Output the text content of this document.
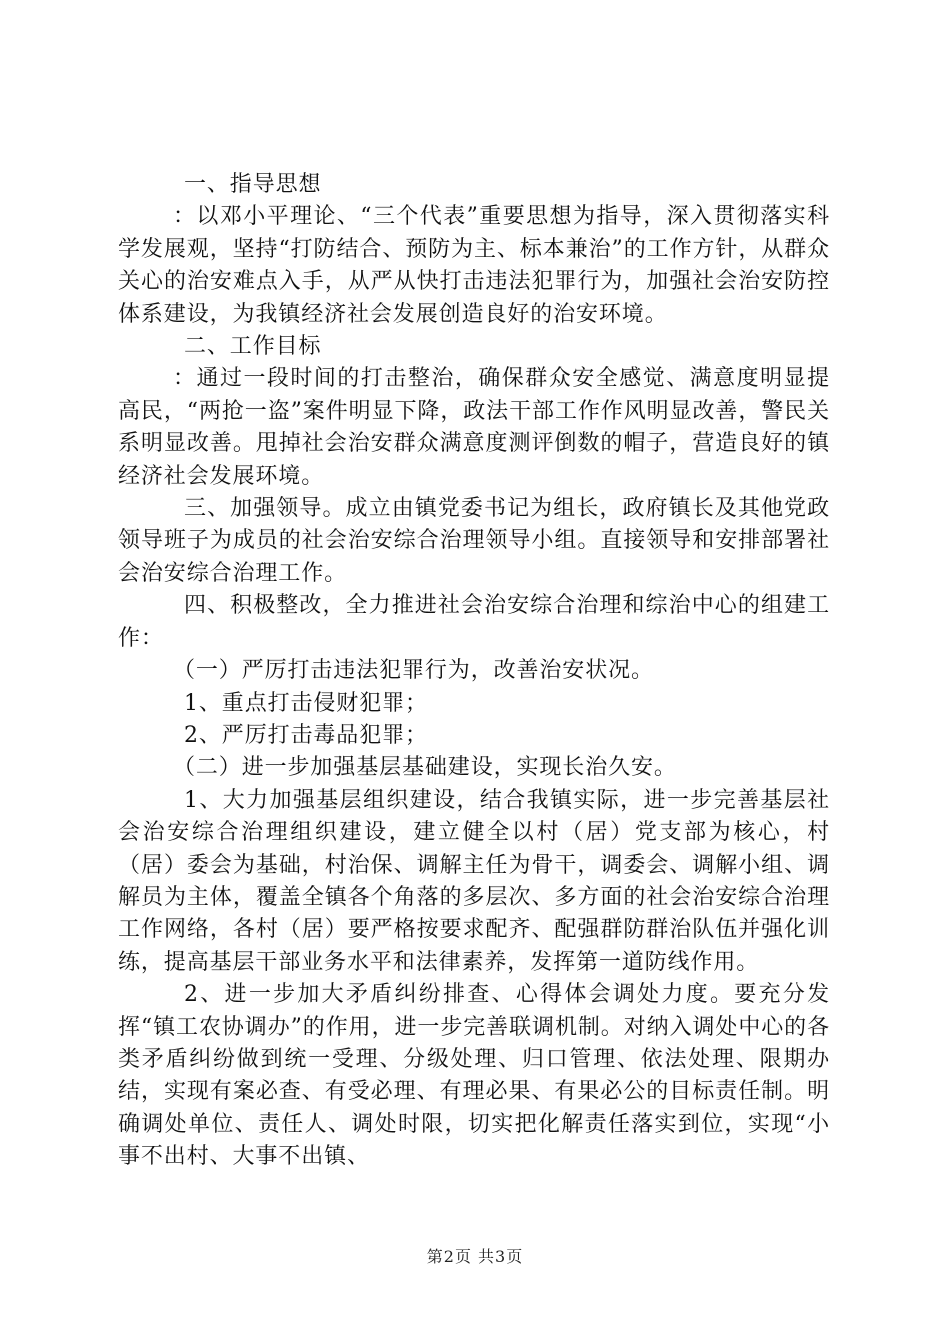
一、指导思想

：以邓小平理论、“三个代表”重要思想为指导，深入贯彻落实科学发展观，坚持“打防结合、预防为主、标本兼治”的工作方针，从群众关心的治安难点入手，从严从快打击违法犯罪行为，加强社会治安防控体系建设，为我镇经济社会发展创造良好的治安环境。

二、工作目标

：通过一段时间的打击整治，确保群众安全感觉、满意度明显提高民，“两抢一盗”案件明显下降，政法干部工作作风明显改善，警民关系明显改善。甩掉社会治安群众满意度测评倒数的帽子，营造良好的镇经济社会发展环境。

三、加强领导。成立由镇党委书记为组长，政府镇长及其他党政领导班子为成员的社会治安综合治理领导小组。直接领导和安排部署社会治安综合治理工作。

四、积极整改，全力推进社会治安综合治理和综治中心的组建工作：

（一）严厉打击违法犯罪行为，改善治安状况。

1、重点打击侵财犯罪；

2、严厉打击毒品犯罪；

（二）进一步加强基层基础建设，实现长治久安。

1、大力加强基层组织建设，结合我镇实际，进一步完善基层社会治安综合治理组织建设，建立健全以村（居）党支部为核心，村（居）委会为基础，村治保、调解主任为骨干，调委会、调解小组、调解员为主体，覆盖全镇各个角落的多层次、多方面的社会治安综合治理工作网络，各村（居）要严格按要求配齐、配强群防群治队伍并强化训练，提高基层干部业务水平和法律素养，发挥第一道防线作用。

2、进一步加大矛盾纠纷排查、心得体会调处力度。要充分发挥“镇工农协调办”的作用，进一步完善联调机制。对纳入调处中心的各类矛盾纠纷做到统一受理、分级处理、归口管理、依法处理、限期办结，实现有案必查、有受必理、有理必果、有果必公的目标责任制。明确调处单位、责任人、调处时限，切实把化解责任落实到位，实现“小事不出村、大事不出镇、

第2页 共3页
